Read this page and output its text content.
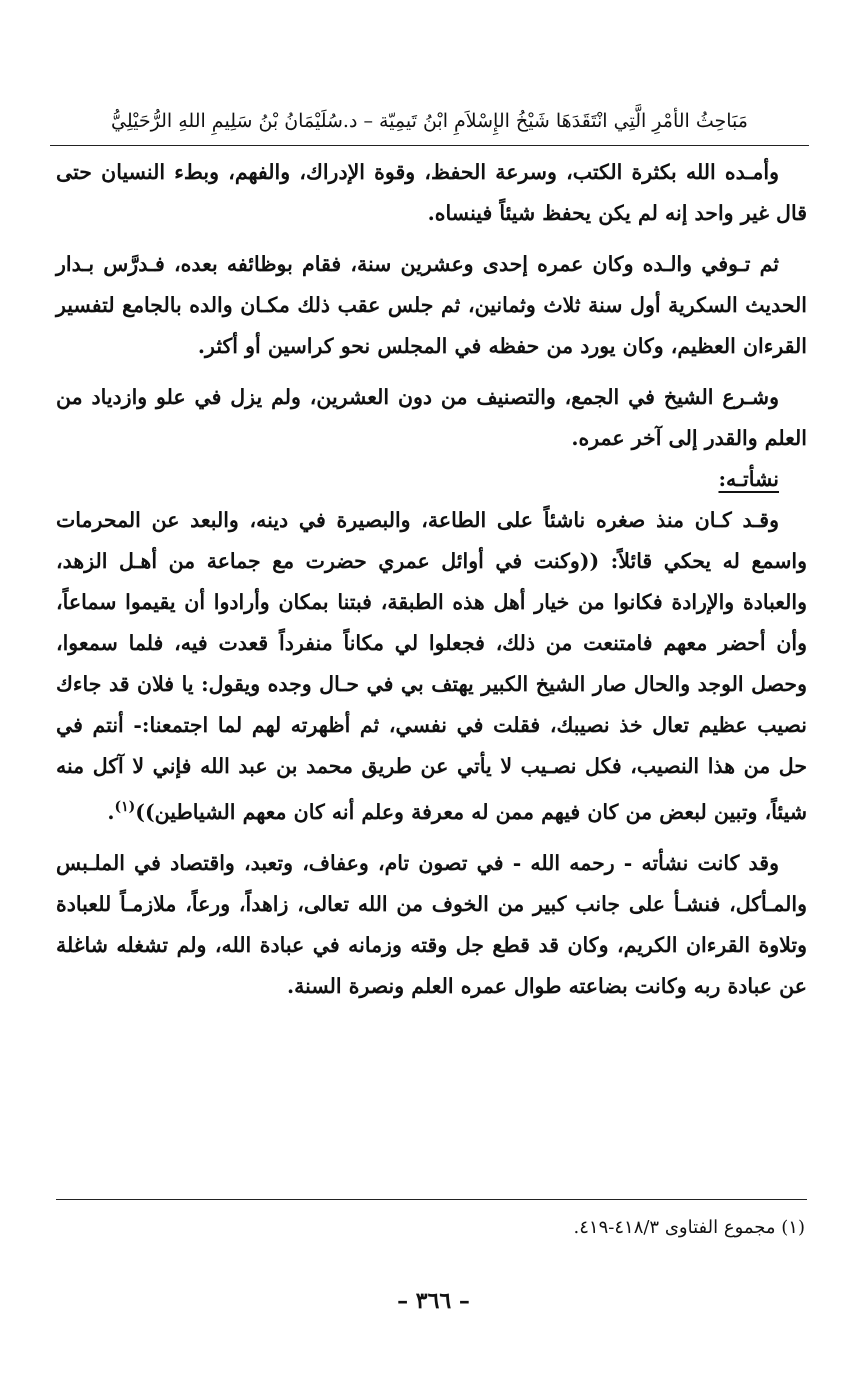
مَبَاحِثُ الأمْرِ الَّتِي انْتَقَدَهَا شَيْخُ الإِسْلاَمِ ابْنُ تَيمِيّة – د.سُلَيْمَانُ بْنُ سَلِيمِ اللهِ الرُّحَيْلِيُّ

وأمـده الله بكثرة الكتب، وسرعة الحفظ، وقوة الإدراك، والفهم، وبطء النسيان حتى قال غير واحد إنه لم يكن يحفظ شيئاً فينساه.

ثم تـوفي والـده وكان عمره إحدى وعشرين سنة، فقام بوظائفه بعده، فـدرَّس بـدار الحديث السكرية أول سنة ثلاث وثمانين، ثم جلس عقب ذلك مكـان والده بالجامع لتفسير القرءان العظيم، وكان يورد من حفظه في المجلس نحو كراسين أو أكثر.

وشـرع الشيخ في الجمع، والتصنيف من دون العشرين، ولم يزل في علو وازدياد من العلم والقدر إلى آخر عمره.

نشأتـه:

وقـد كـان منذ صغره ناشئاً على الطاعة، والبصيرة في دينه، والبعد عن المحرمات واسمع له يحكي قائلاً: ((وكنت في أوائل عمري حضرت مع جماعة من أهـل الزهد، والعبادة والإرادة فكانوا من خيار أهل هذه الطبقة، فبتنا بمكان وأرادوا أن يقيموا سماعاً، وأن أحضر معهم فامتنعت من ذلك، فجعلوا لي مكاناً منفرداً قعدت فيه، فلما سمعوا، وحصل الوجد والحال صار الشيخ الكبير يهتف بي في حـال وجده ويقول: يا فلان قد جاءك نصيب عظيم تعال خذ نصيبك، فقلت في نفسي، ثم أظهرته لهم لما اجتمعنا:- أنتم في حل من هذا النصيب، فكل نصـيب لا يأتي عن طريق محمد بن عبد الله فإني لا آكل منه شيئاً، وتبين لبعض من كان فيهم ممن له معرفة وعلم أنه كان معهم الشياطين))$^{(١)}$.

وقد كانت نشأته - رحمه الله - في تصون تام، وعفاف، وتعبد، واقتصاد في الملـبس والمـأكل، فنشـأ على جانب كبير من الخوف من الله تعالى، زاهداً، ورعاً، ملازمـاً للعبادة وتلاوة القرءان الكريم، وكان قد قطع جل وقته وزمانه في عبادة الله، ولم تشغله شاغلة عن عبادة ربه وكانت بضاعته طوال عمره العلم ونصرة السنة.

(١) مجموع الفتاوى ٤١٨/٣-٤١٩.
– ٣٦٦ –
